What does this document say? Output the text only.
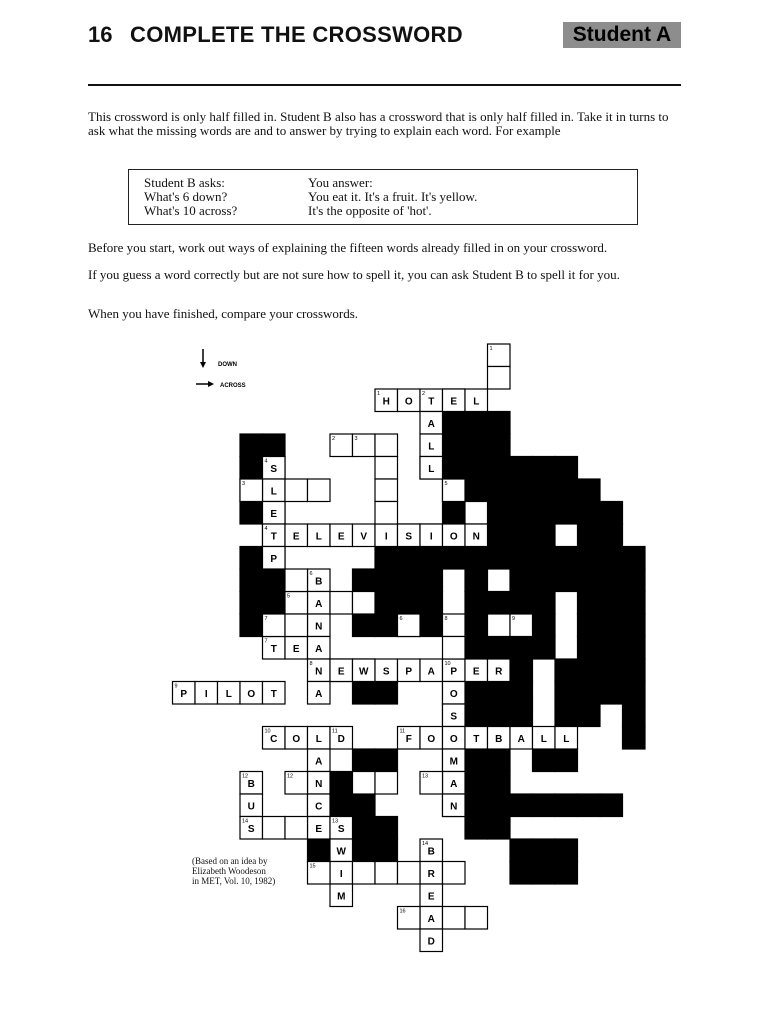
16 COMPLETE THE CROSSWORD	Student A

This crossword is only half filled in. Student B also has a crossword that is only half filled in. Take it in turns to ask what the missing words are and to answer by trying to explain each word. For example

Student B asks:
What's 6 down?
What's 10 across?

You answer:
You eat it. It's a fruit. It's yellow.
It's the opposite of 'hot'.

Before you start, work out ways of explaining the fifteen words already filled in on your crossword.

If you guess a word correctly but are not sure how to spell it, you can ask Student B to spell it for you.

When you have finished, compare your crosswords.

DOWN
ACROSS
H O T E L
A
L
L
S
L
E
T E L E V I S I O N
P
B
A
N
T E A
N E W S P A P E R
P I L O T	A	O
S
C O L D	F O O T B A L L
A	M
B	N	A
U	C	N
S	E S
W	B
I	R
M	E
A
D
1
1	2
2	3
4
3	5
4
6
5
7	6	8	9
7
8	10
9
10	11	11
12	12	13
14	13
14
15
16

(Based on an idea by
Elizabeth Woodeson
in MET, Vol. 10, 1982)
